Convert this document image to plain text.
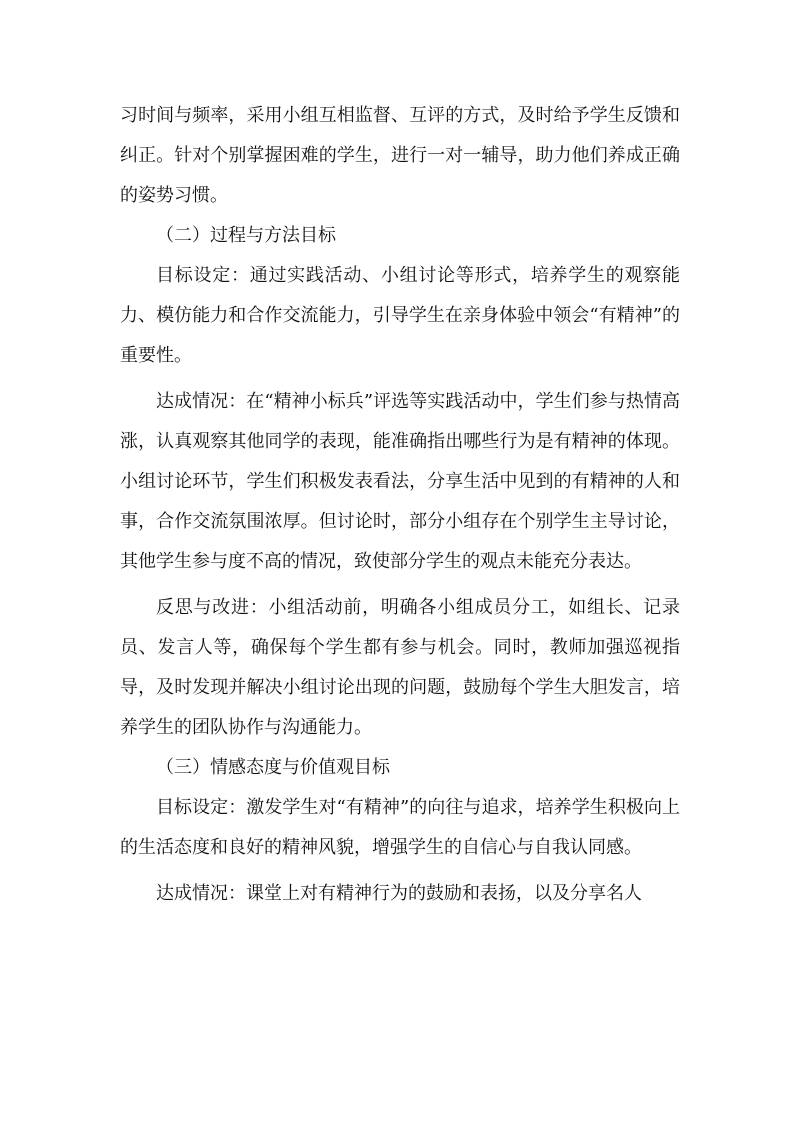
习时间与频率，采用小组互相监督、互评的方式，及时给予学生反馈和纠正。针对个别掌握困难的学生，进行一对一辅导，助力他们养成正确的姿势习惯。

（二）过程与方法目标

目标设定：通过实践活动、小组讨论等形式，培养学生的观察能力、模仿能力和合作交流能力，引导学生在亲身体验中领会“有精神”的重要性。

达成情况：在“精神小标兵”评选等实践活动中，学生们参与热情高涨，认真观察其他同学的表现，能准确指出哪些行为是有精神的体现。小组讨论环节，学生们积极发表看法，分享生活中见到的有精神的人和事，合作交流氛围浓厚。但讨论时，部分小组存在个别学生主导讨论，其他学生参与度不高的情况，致使部分学生的观点未能充分表达。

反思与改进：小组活动前，明确各小组成员分工，如组长、记录员、发言人等，确保每个学生都有参与机会。同时，教师加强巡视指导，及时发现并解决小组讨论出现的问题，鼓励每个学生大胆发言，培养学生的团队协作与沟通能力。

（三）情感态度与价值观目标

目标设定：激发学生对“有精神”的向往与追求，培养学生积极向上的生活态度和良好的精神风貌，增强学生的自信心与自我认同感。

达成情况：课堂上对有精神行为的鼓励和表扬，以及分享名人
